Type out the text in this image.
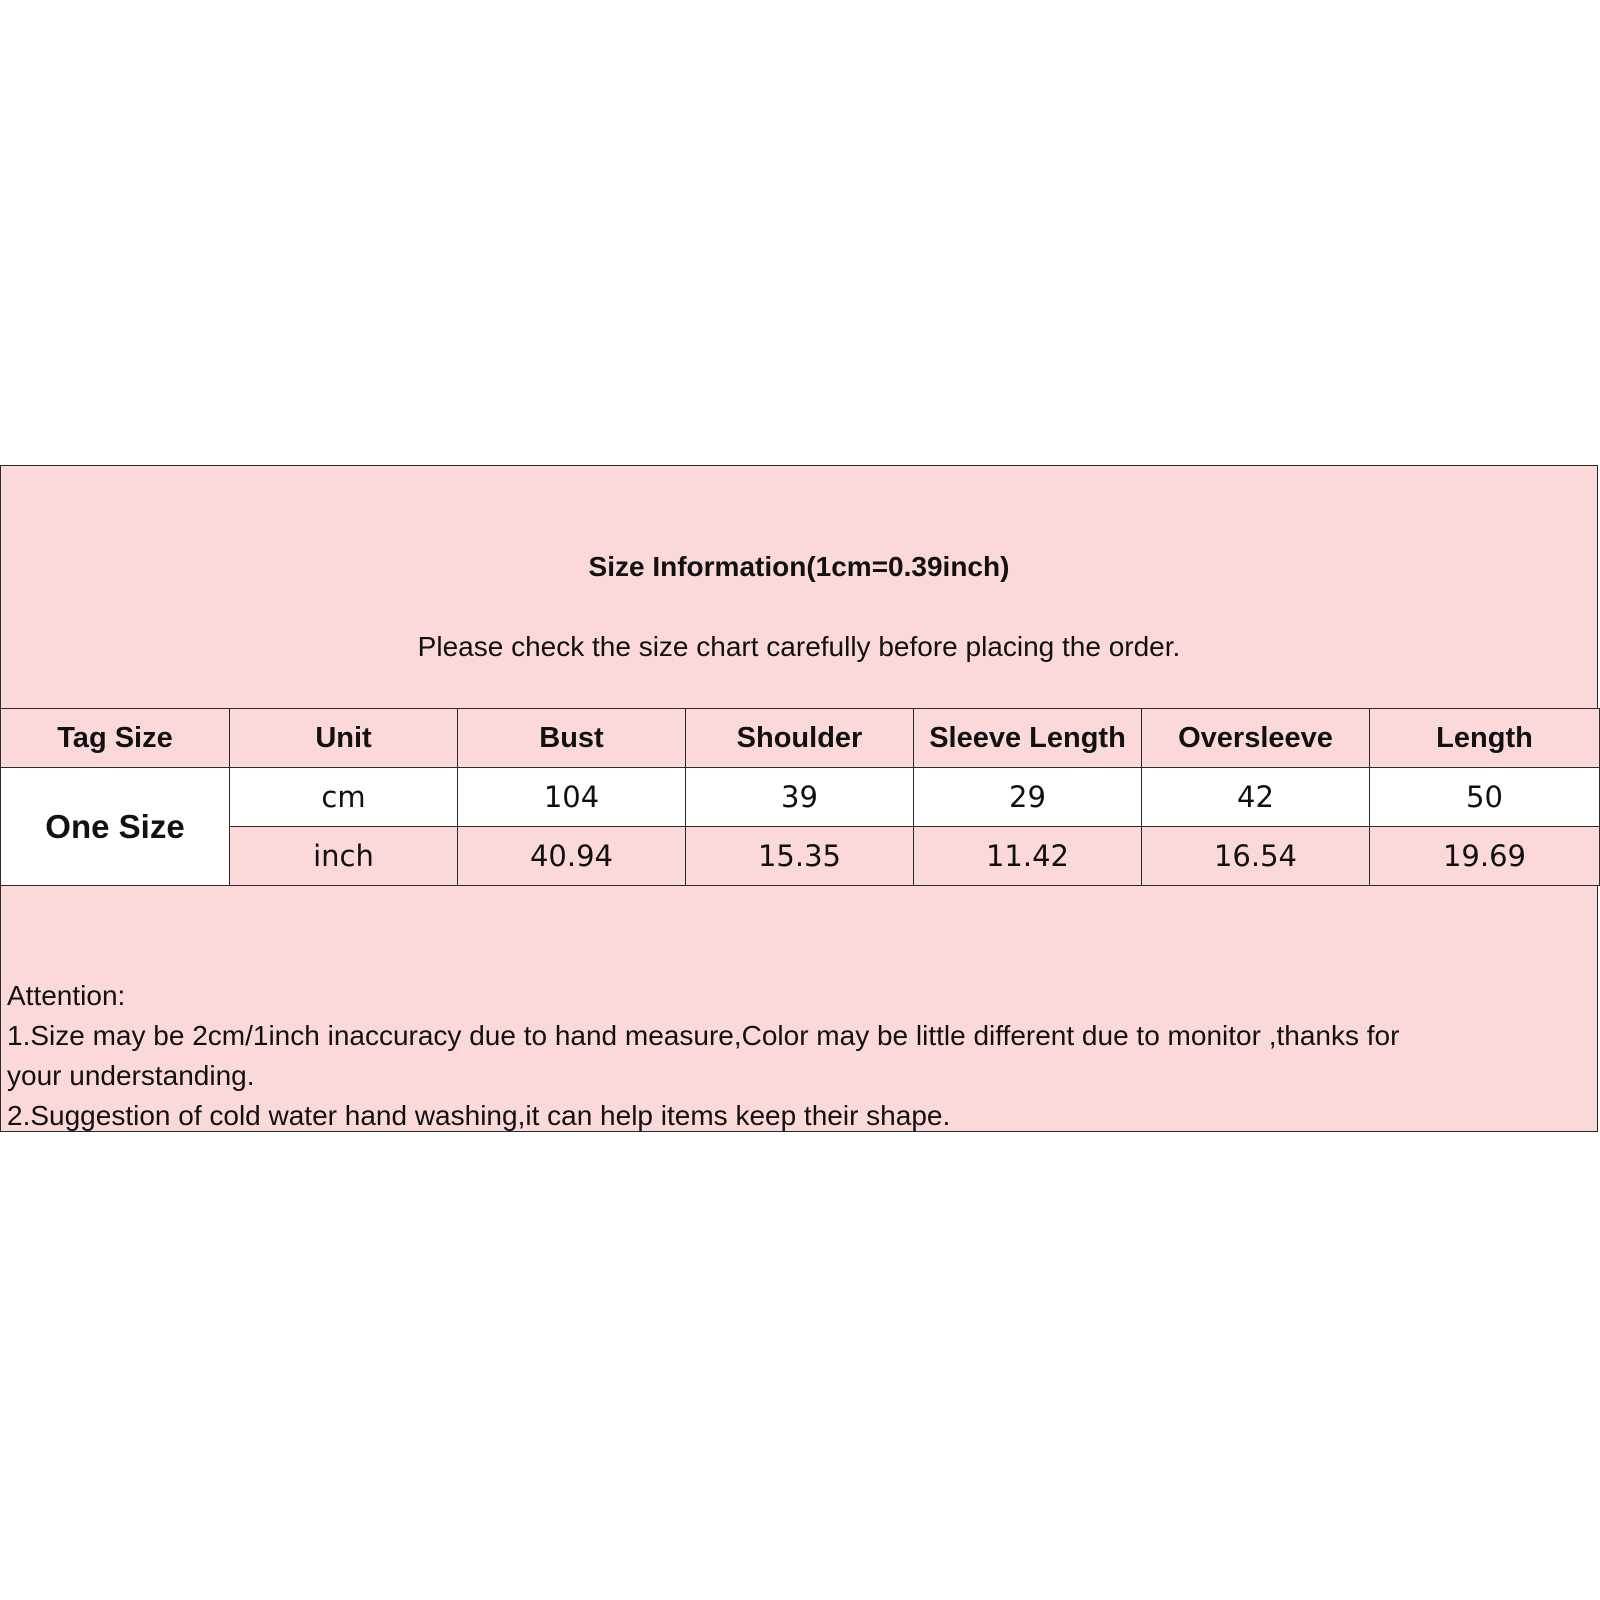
Size Information(1cm=0.39inch)
Please check the size chart carefully before placing the order.
Tag Size	Unit	Bust	Shoulder	Sleeve Length	Oversleeve	Length
One Size	cm	104	39	29	42	50
	inch	40.94	15.35	11.42	16.54	19.69
Attention:
1.Size may be 2cm/1inch inaccuracy due to hand measure,Color may be little different due to monitor ,thanks for
your understanding.
2.Suggestion of cold water hand washing,it can help items keep their shape.
